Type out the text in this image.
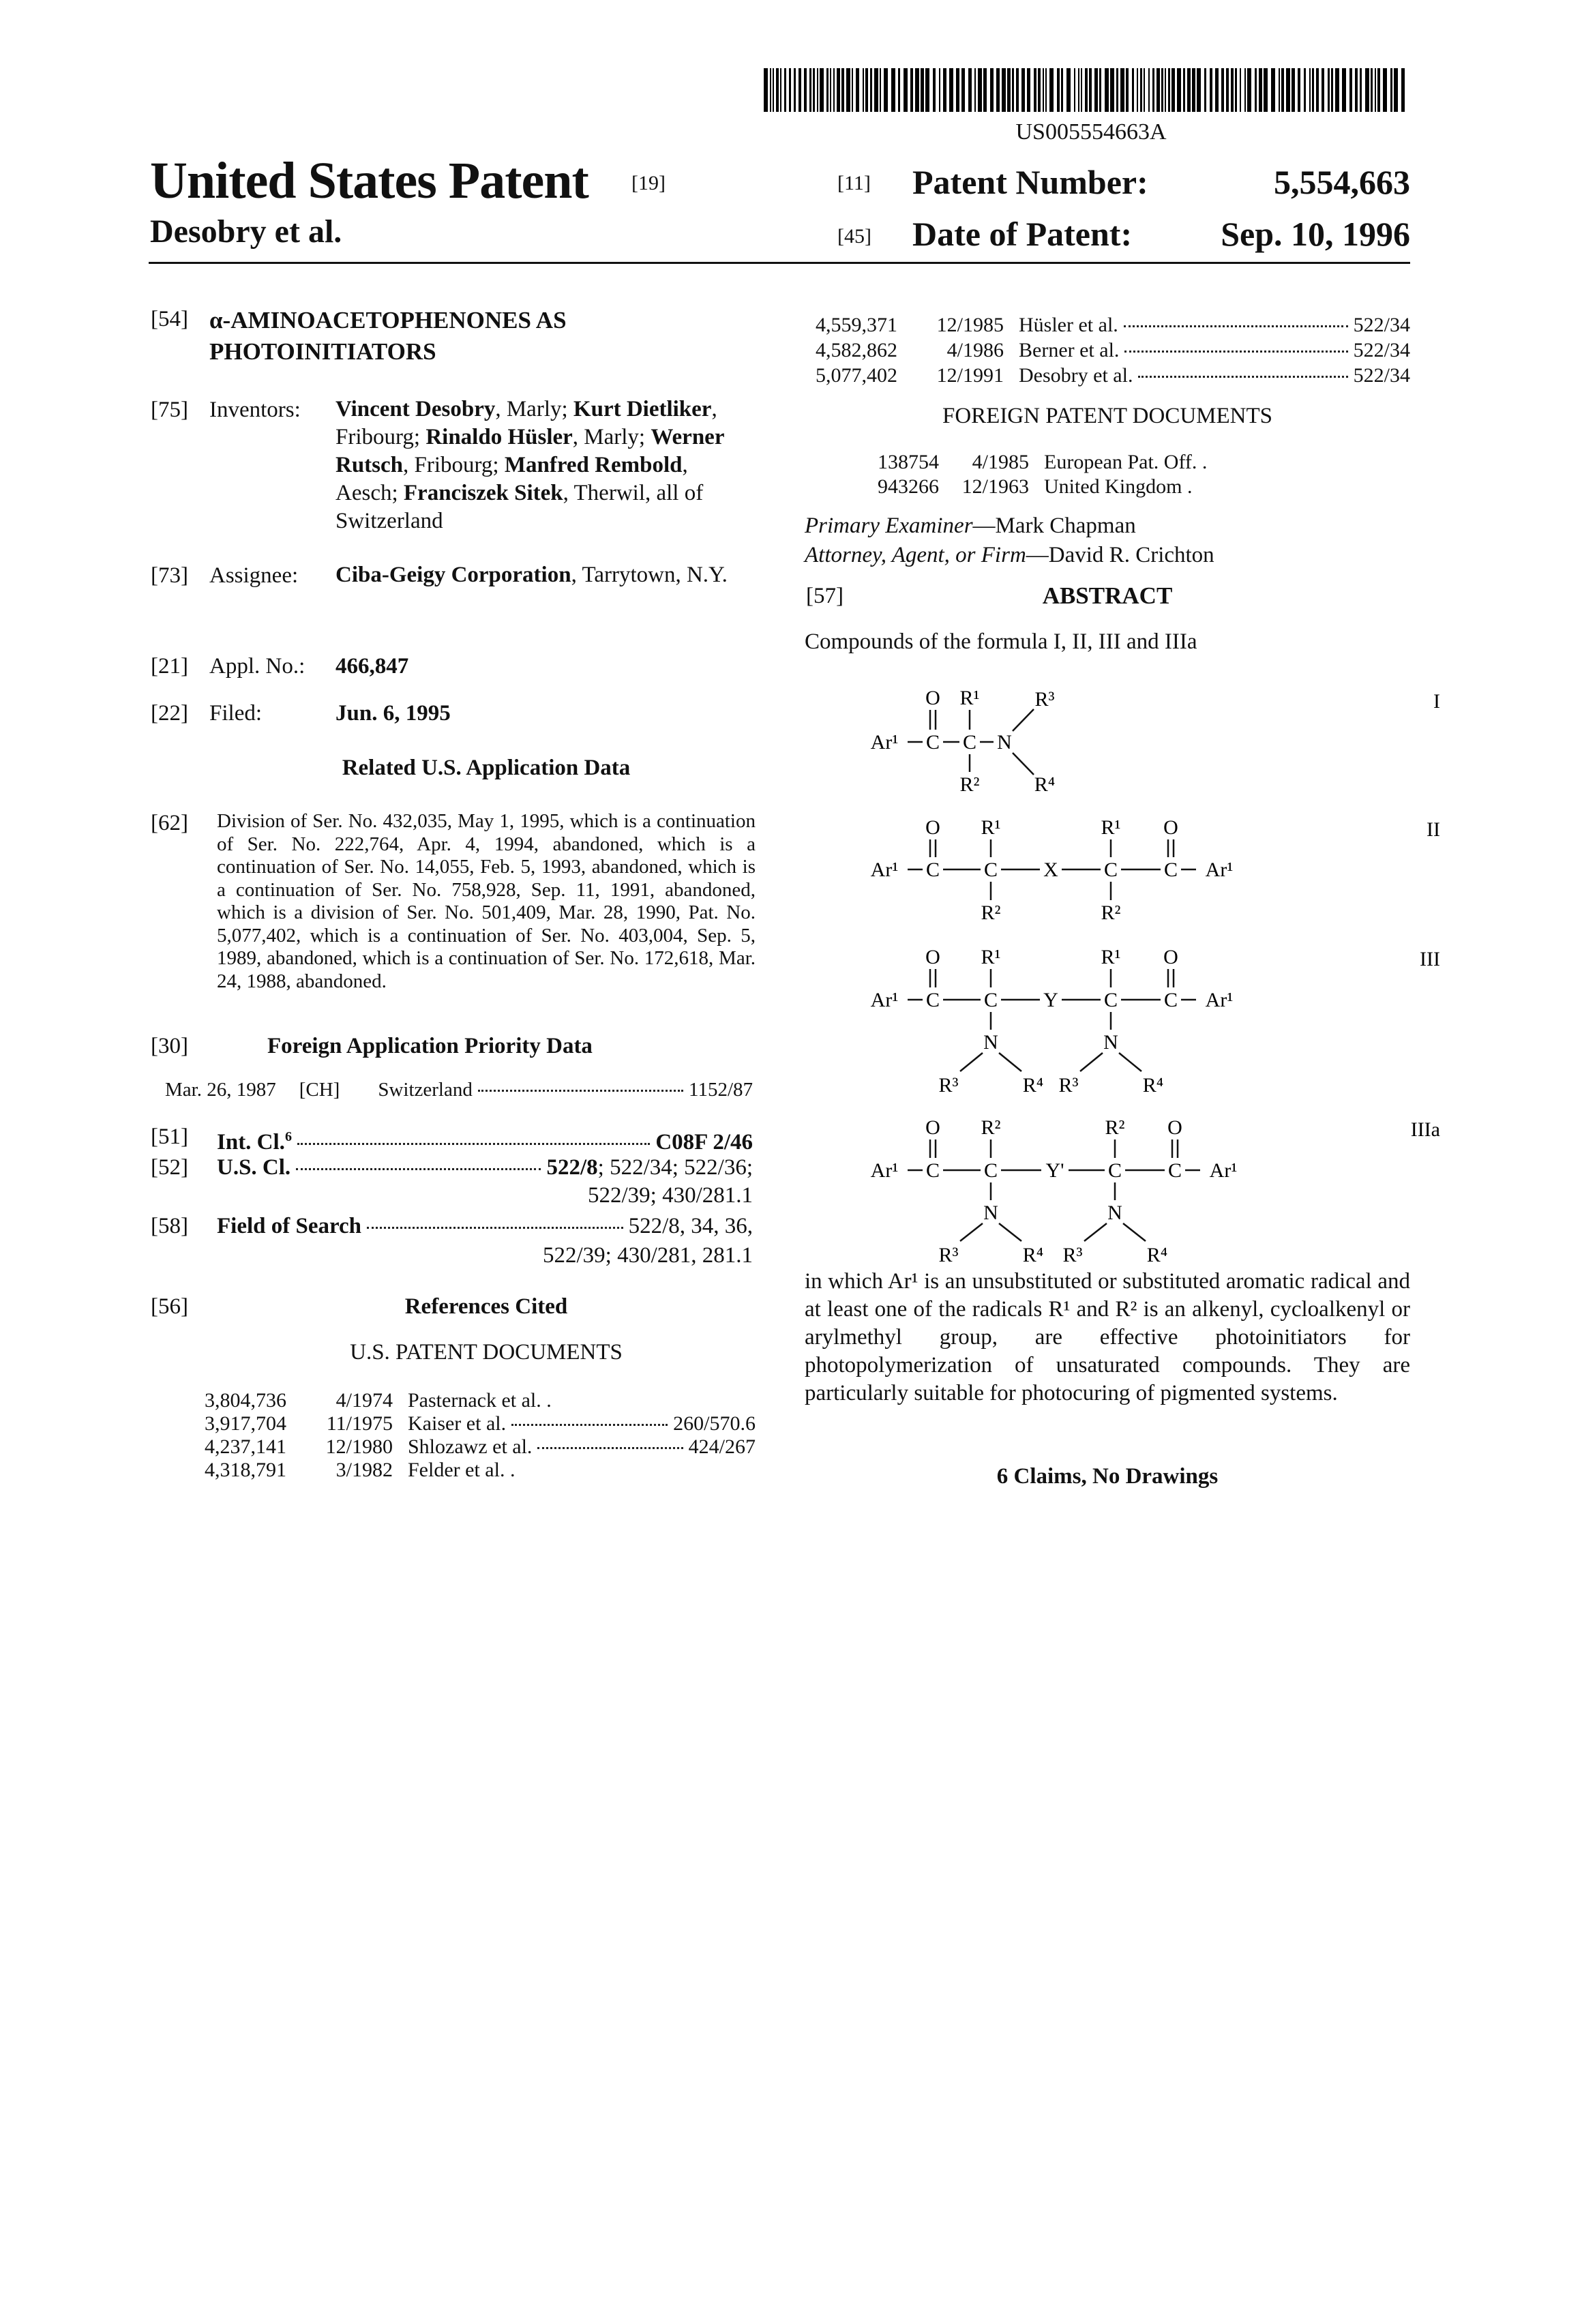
US005554663A
United States Patent [19]
Desobry et al.
[11] Patent Number:	5,554,663
[45] Date of Patent:	Sep. 10, 1996
[54] α-AMINOACETOPHENONES AS
PHOTOINITIATORS
[75] Inventors: Vincent Desobry, Marly; Kurt Dietliker, Fribourg; Rinaldo Hüsler, Marly; Werner Rutsch, Fribourg; Manfred Rembold, Aesch; Franciszek Sitek, Therwil, all of Switzerland
[73] Assignee: Ciba-Geigy Corporation, Tarrytown, N.Y.
[21] Appl. No.: 466,847
[22] Filed:	Jun. 6, 1995
Related U.S. Application Data
[62] Division of Ser. No. 432,035, May 1, 1995, which is a continuation of Ser. No. 222,764, Apr. 4, 1994, abandoned, which is a continuation of Ser. No. 14,055, Feb. 5, 1993, abandoned, which is a continuation of Ser. No. 758,928, Sep. 11, 1991, abandoned, which is a division of Ser. No. 501,409, Mar. 28, 1990, Pat. No. 5,077,402, which is a continuation of Ser. No. 403,004, Sep. 5, 1989, abandoned, which is a continuation of Ser. No. 172,618, Mar. 24, 1988, abandoned.
[30]	Foreign Application Priority Data
Mar. 26, 1987 [CH] Switzerland	1152/87
[51] Int. Cl.6	C08F 2/46
[52] U.S. Cl.	522/8; 522/34; 522/36;
522/39; 430/281.1
[58] Field of Search	522/8, 34, 36,
522/39; 430/281, 281.1
[56]	References Cited
U.S. PATENT DOCUMENTS
3,804,736	4/1974 Pasternack et al. .
3,917,704	11/1975 Kaiser et al.	260/570.6
4,237,141	12/1980 Shlozawz et al.	424/267
4,318,791	3/1982 Felder et al. .
4,559,371	12/1985 Hüsler et al.	522/34
4,582,862	4/1986 Berner et al.	522/34
5,077,402	12/1991 Desobry et al.	522/34
FOREIGN PATENT DOCUMENTS
138754	4/1985 European Pat. Off. .
943266	12/1963 United Kingdom .
Primary Examiner—Mark Chapman
Attorney, Agent, or Firm—David R. Crichton
[57]	ABSTRACT
Compounds of the formula I, II, III and IIIa
Ar¹ C C N
O R¹
R²
R³
R⁴
I
Ar¹ C C X C C Ar¹
O R¹	R¹ O
R²	R²
II
Ar¹ C C Y C C Ar¹
O R¹	R¹ O
N
R³	R⁴
N
R³	R⁴
III
Ar¹ C C Y' C C Ar¹
O R²	R² O
N
R³	R⁴
N
R³	R⁴
IIIa
in which Ar¹ is an unsubstituted or substituted aromatic radical and at least one of the radicals R¹ and R² is an alkenyl, cycloalkenyl or arylmethyl group, are effective photoinitiators for photopolymerization of unsaturated compounds. They are particularly suitable for photocuring of pigmented systems.
6 Claims, No Drawings
